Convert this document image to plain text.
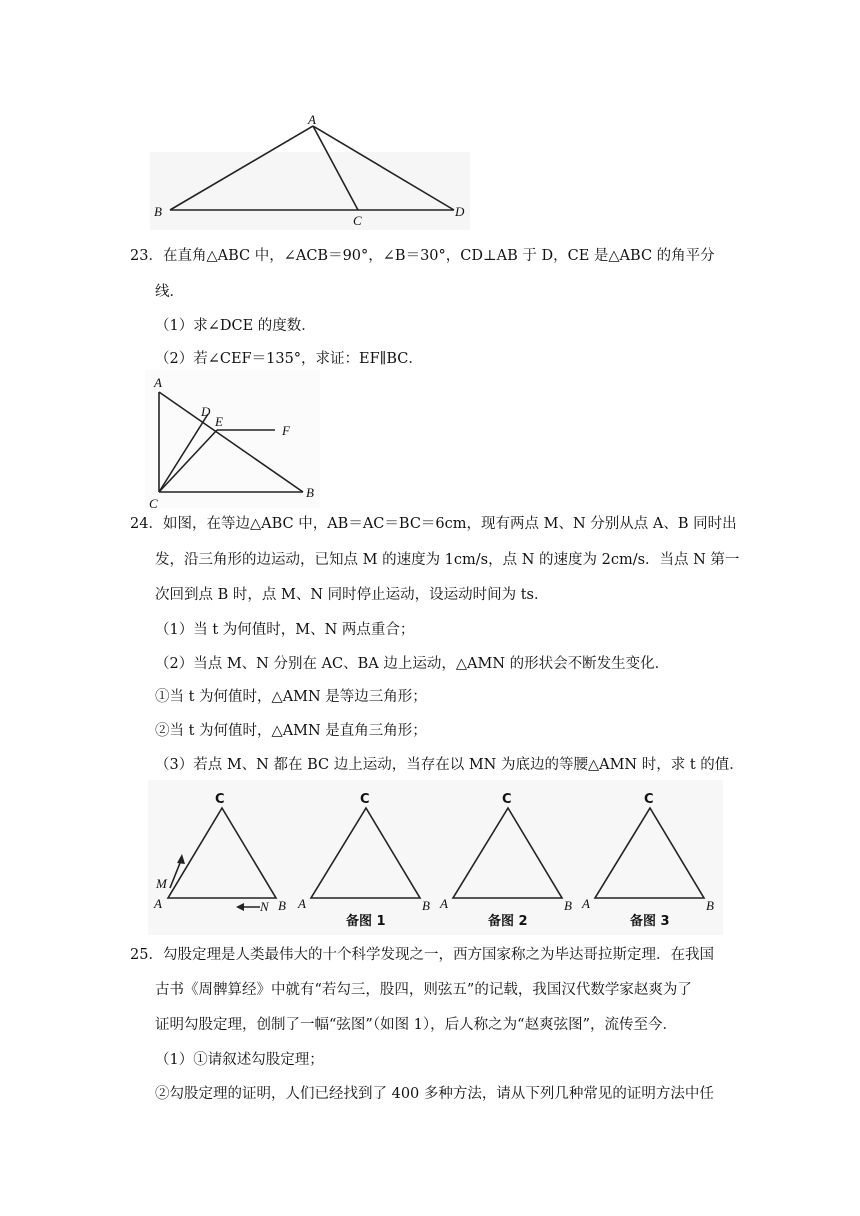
A
B
C
D
23．在直角△ABC 中，∠ACB＝90°，∠B＝30°，CD⊥AB 于 D，CE 是△ABC 的角平分
线．
（1）求∠DCE 的度数．
（2）若∠CEF＝135°，求证：EF∥BC．
A
D
E
F
C
B
24．如图，在等边△ABC 中，AB＝AC＝BC＝6cm，现有两点 M、N 分别从点 A、B 同时出
发，沿三角形的边运动，已知点 M 的速度为 1cm/s，点 N 的速度为 2cm/s．当点 N 第一
次回到点 B 时，点 M、N 同时停止运动，设运动时间为 ts．
（1）当 t 为何值时，M、N 两点重合；
（2）当点 M、N 分别在 AC、BA 边上运动，△AMN 的形状会不断发生变化．
①当 t 为何值时，△AMN 是等边三角形；
②当 t 为何值时，△AMN 是直角三角形；
（3）若点 M、N 都在 BC 边上运动，当存在以 MN 为底边的等腰△AMN 时，求 t 的值．
C
A	B
M
N
C
A	B
备图 1
C
A	B
备图 2
C
A	B
备图 3
25．勾股定理是人类最伟大的十个科学发现之一，西方国家称之为毕达哥拉斯定理．在我国
古书《周髀算经》中就有“若勾三，股四，则弦五”的记载，我国汉代数学家赵爽为了
证明勾股定理，创制了一幅“弦图”（如图 1），后人称之为“赵爽弦图”，流传至今．
（1）①请叙述勾股定理；
②勾股定理的证明，人们已经找到了 400 多种方法，请从下列几种常见的证明方法中任
